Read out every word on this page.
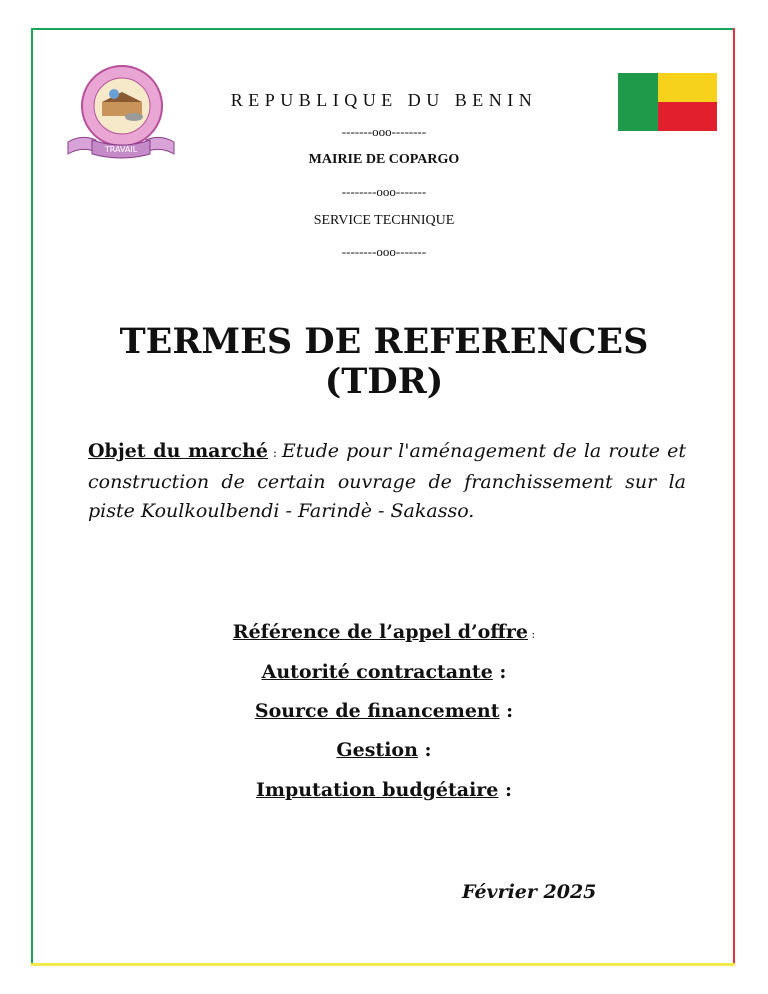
TRAVAIL
REPUBLIQUE DU BENIN
-------ooo--------
MAIRIE DE COPARGO
--------ooo-------
SERVICE TECHNIQUE
--------ooo-------
TERMES DE REFERENCES
(TDR)
Objet du marché : Etude pour l'aménagement de la route et construction de certain ouvrage de franchissement sur la piste Koulkoulbendi - Farindè - Sakasso.
Référence de l’appel d’offre :
Autorité contractante :
Source de financement :
Gestion :
Imputation budgétaire :
Février 2025
